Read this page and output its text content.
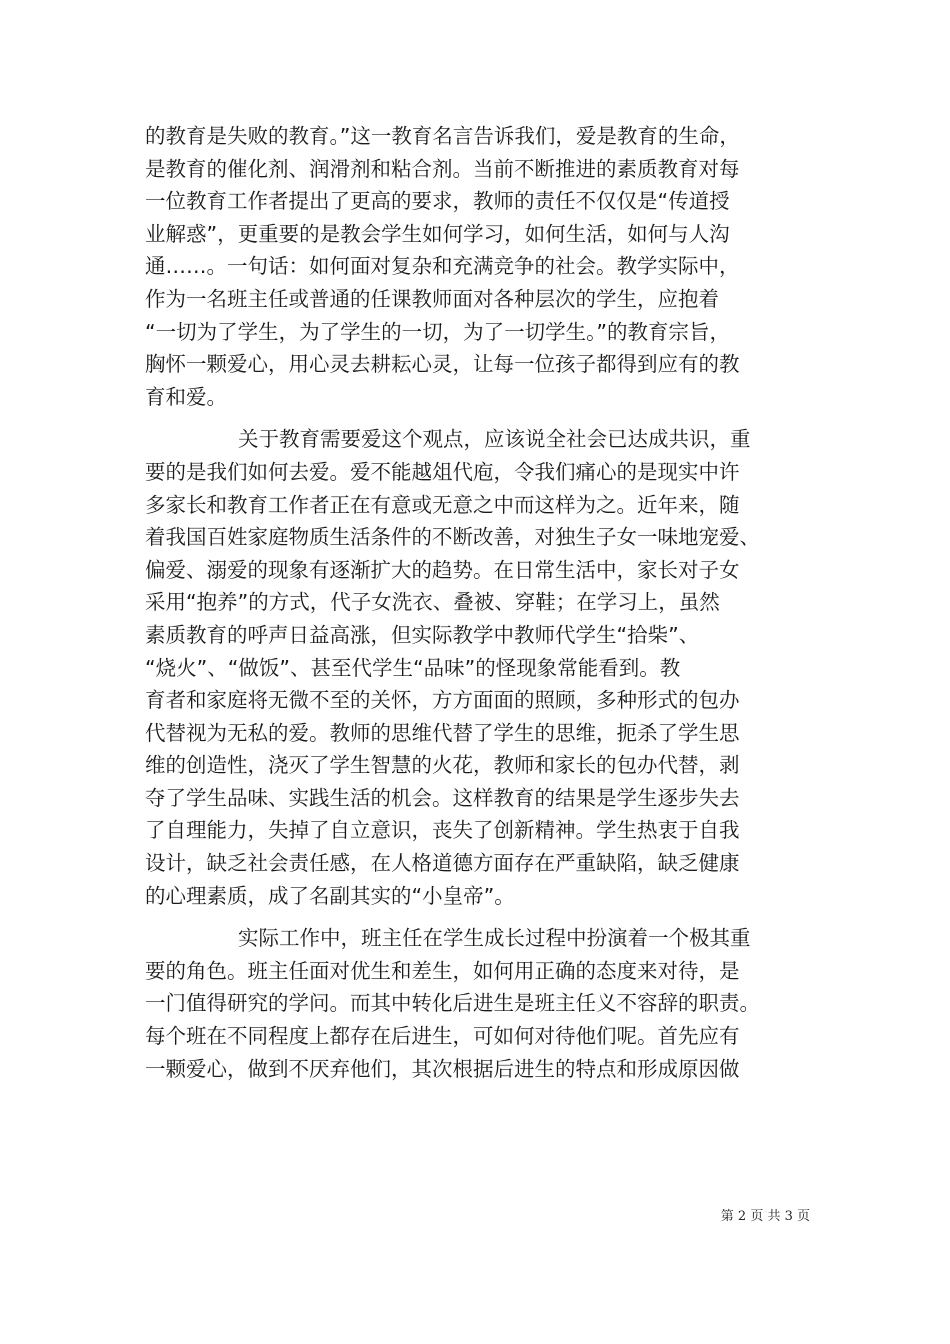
的教育是失败的教育。”这一教育名言告诉我们，爱是教育的生命，
是教育的催化剂、润滑剂和粘合剂。当前不断推进的素质教育对每
一位教育工作者提出了更高的要求，教师的责任不仅仅是“传道授
业解惑”，更重要的是教会学生如何学习，如何生活，如何与人沟
通……。一句话：如何面对复杂和充满竞争的社会。教学实际中，
作为一名班主任或普通的任课教师面对各种层次的学生，应抱着
“一切为了学生，为了学生的一切，为了一切学生。”的教育宗旨，
胸怀一颗爱心，用心灵去耕耘心灵，让每一位孩子都得到应有的教
育和爱。
关于教育需要爱这个观点，应该说全社会已达成共识，重
要的是我们如何去爱。爱不能越俎代庖，令我们痛心的是现实中许
多家长和教育工作者正在有意或无意之中而这样为之。近年来，随
着我国百姓家庭物质生活条件的不断改善，对独生子女一味地宠爱、
偏爱、溺爱的现象有逐渐扩大的趋势。在日常生活中，家长对子女
采用“抱养”的方式，代子女洗衣、叠被、穿鞋；在学习上，虽然
素质教育的呼声日益高涨，但实际教学中教师代学生“拾柴”、
“烧火”、“做饭”、甚至代学生“品味”的怪现象常能看到。教
育者和家庭将无微不至的关怀，方方面面的照顾，多种形式的包办
代替视为无私的爱。教师的思维代替了学生的思维，扼杀了学生思
维的创造性，浇灭了学生智慧的火花，教师和家长的包办代替，剥
夺了学生品味、实践生活的机会。这样教育的结果是学生逐步失去
了自理能力，失掉了自立意识，丧失了创新精神。学生热衷于自我
设计，缺乏社会责任感，在人格道德方面存在严重缺陷，缺乏健康
的心理素质，成了名副其实的“小皇帝”。
实际工作中，班主任在学生成长过程中扮演着一个极其重
要的角色。班主任面对优生和差生，如何用正确的态度来对待，是
一门值得研究的学问。而其中转化后进生是班主任义不容辞的职责。
每个班在不同程度上都存在后进生，可如何对待他们呢。首先应有
一颗爱心，做到不厌弃他们，其次根据后进生的特点和形成原因做
第 2 页 共 3 页
